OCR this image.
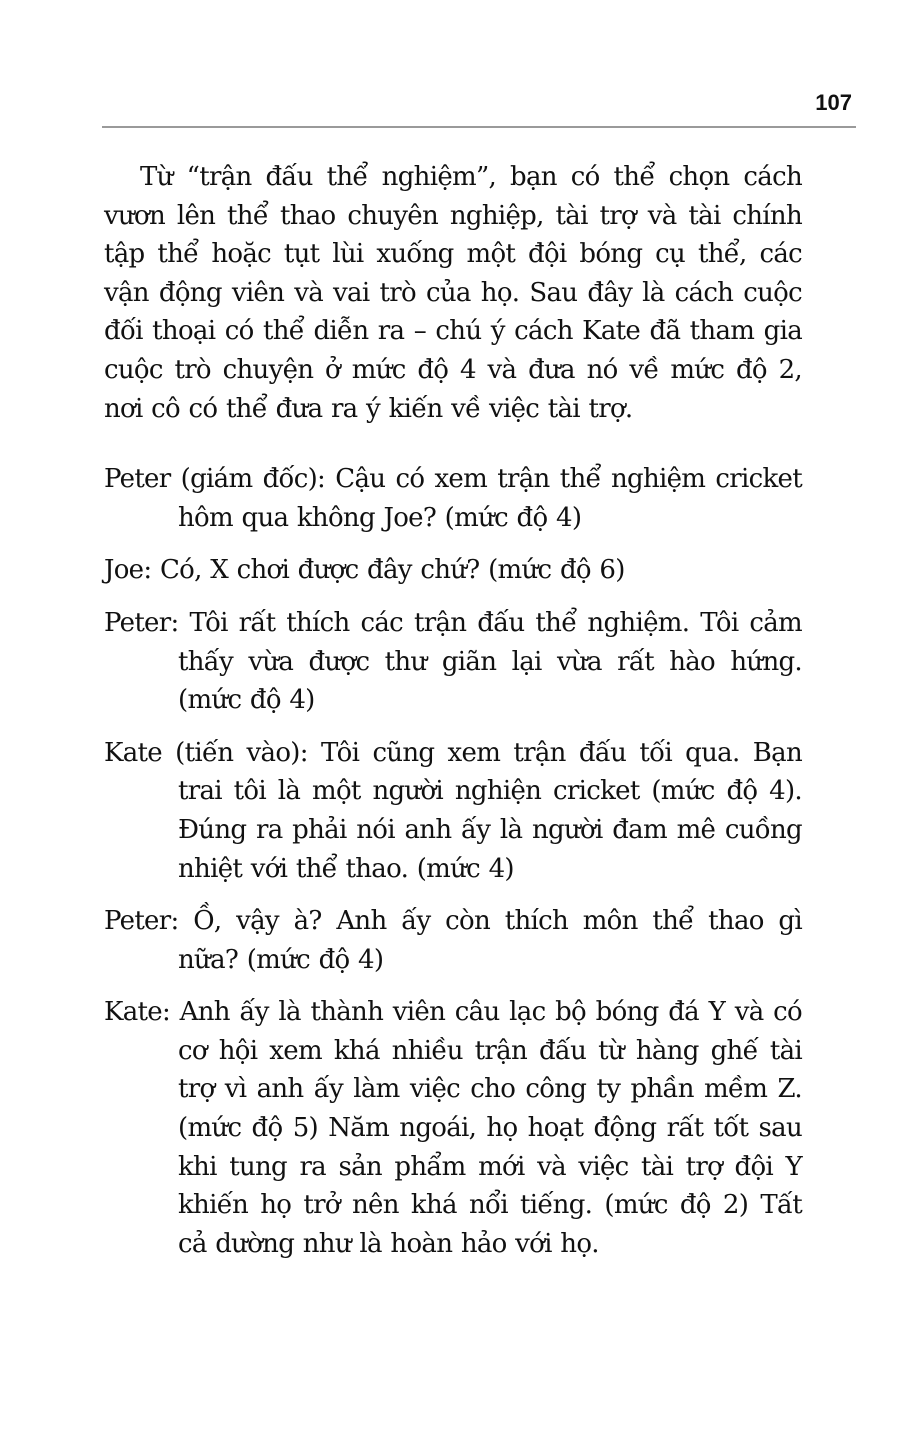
107

Từ “trận đấu thể nghiệm”, bạn có thể chọn cách vươn lên thể thao chuyên nghiệp, tài trợ và tài chính tập thể hoặc tụt lùi xuống một đội bóng cụ thể, các vận động viên và vai trò của họ. Sau đây là cách cuộc đối thoại có thể diễn ra – chú ý cách Kate đã tham gia cuộc trò chuyện ở mức độ 4 và đưa nó về mức độ 2, nơi cô có thể đưa ra ý kiến về việc tài trợ.

Peter (giám đốc): Cậu có xem trận thể nghiệm cricket hôm qua không Joe? (mức độ 4)

Joe: Có, X chơi được đây chứ? (mức độ 6)

Peter: Tôi rất thích các trận đấu thể nghiệm. Tôi cảm thấy vừa được thư giãn lại vừa rất hào hứng. (mức độ 4)

Kate (tiến vào): Tôi cũng xem trận đấu tối qua. Bạn trai tôi là một người nghiện cricket (mức độ 4). Đúng ra phải nói anh ấy là người đam mê cuồng nhiệt với thể thao. (mức 4)

Peter: Ồ, vậy à? Anh ấy còn thích môn thể thao gì nữa? (mức độ 4)

Kate: Anh ấy là thành viên câu lạc bộ bóng đá Y và có cơ hội xem khá nhiều trận đấu từ hàng ghế tài trợ vì anh ấy làm việc cho công ty phần mềm Z. (mức độ 5) Năm ngoái, họ hoạt động rất tốt sau khi tung ra sản phẩm mới và việc tài trợ đội Y khiến họ trở nên khá nổi tiếng. (mức độ 2) Tất cả dường như là hoàn hảo với họ.
